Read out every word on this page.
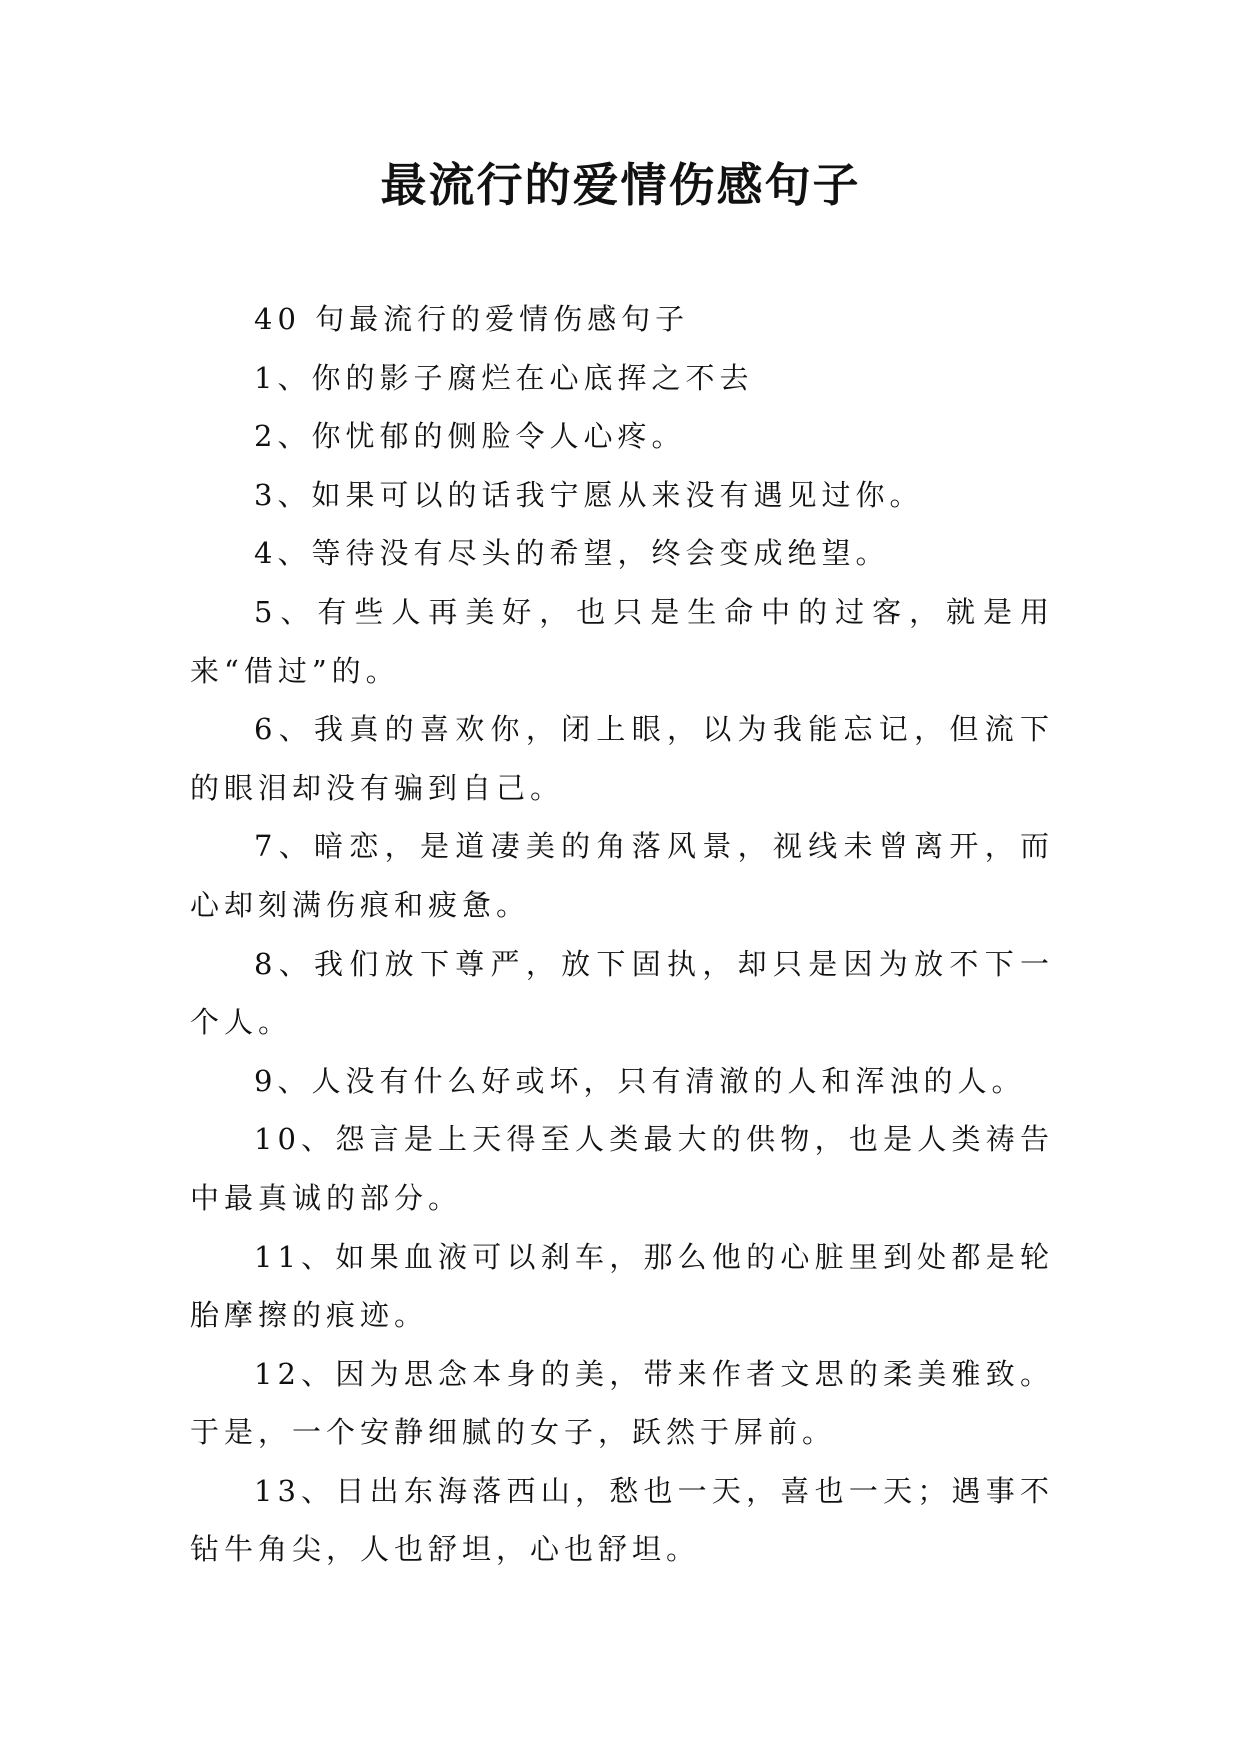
最流行的爱情伤感句子

40 句最流行的爱情伤感句子

1、你的影子腐烂在心底挥之不去

2、你忧郁的侧脸令人心疼。

3、如果可以的话我宁愿从来没有遇见过你。

4、等待没有尽头的希望，终会变成绝望。

5、有些人再美好，也只是生命中的过客，就是用来“借过”的。

6、我真的喜欢你，闭上眼，以为我能忘记，但流下的眼泪却没有骗到自己。

7、暗恋，是道凄美的角落风景，视线未曾离开，而心却刻满伤痕和疲惫。

8、我们放下尊严，放下固执，却只是因为放不下一个人。

9、人没有什么好或坏，只有清澈的人和浑浊的人。

10、怨言是上天得至人类最大的供物，也是人类祷告中最真诚的部分。

11、如果血液可以刹车，那么他的心脏里到处都是轮胎摩擦的痕迹。

12、因为思念本身的美，带来作者文思的柔美雅致。于是，一个安静细腻的女子，跃然于屏前。

13、日出东海落西山，愁也一天，喜也一天；遇事不钻牛角尖，人也舒坦，心也舒坦。
